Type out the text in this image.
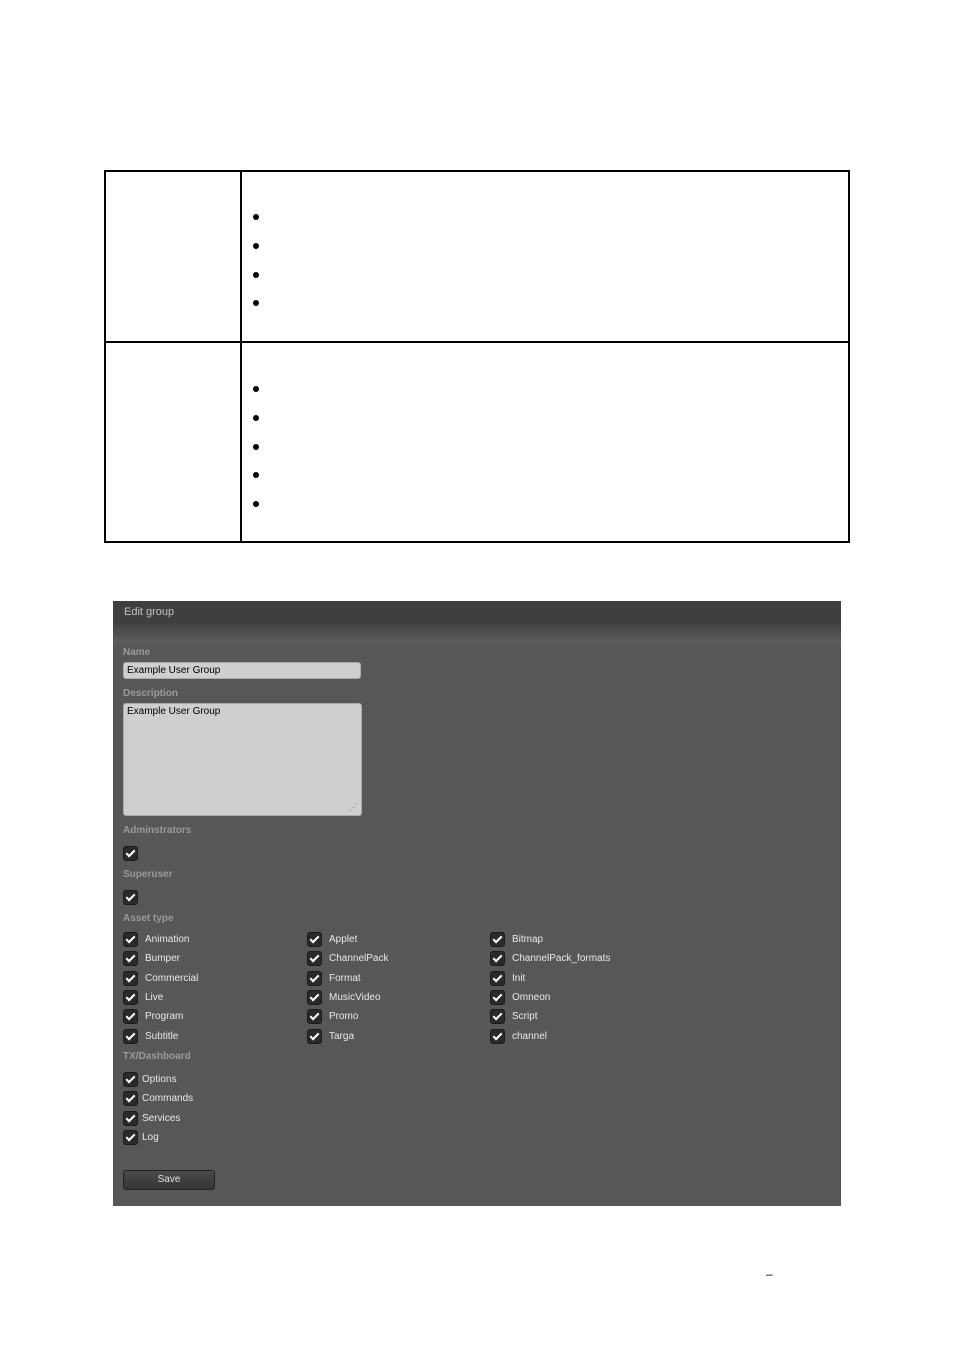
Edit group
Name
Example User Group
Description
Example User Group
⋰
Adminstrators
Superuser
Asset type
Animation	Applet	Bitmap
Bumper	ChannelPack	ChannelPack_formats
Commercial	Format	Init
Live	MusicVideo	Omneon
Program	Promo	Script
Subtitle	Targa	channel
TX/Dashboard
Options
Commands
Services
Log
Save
–
